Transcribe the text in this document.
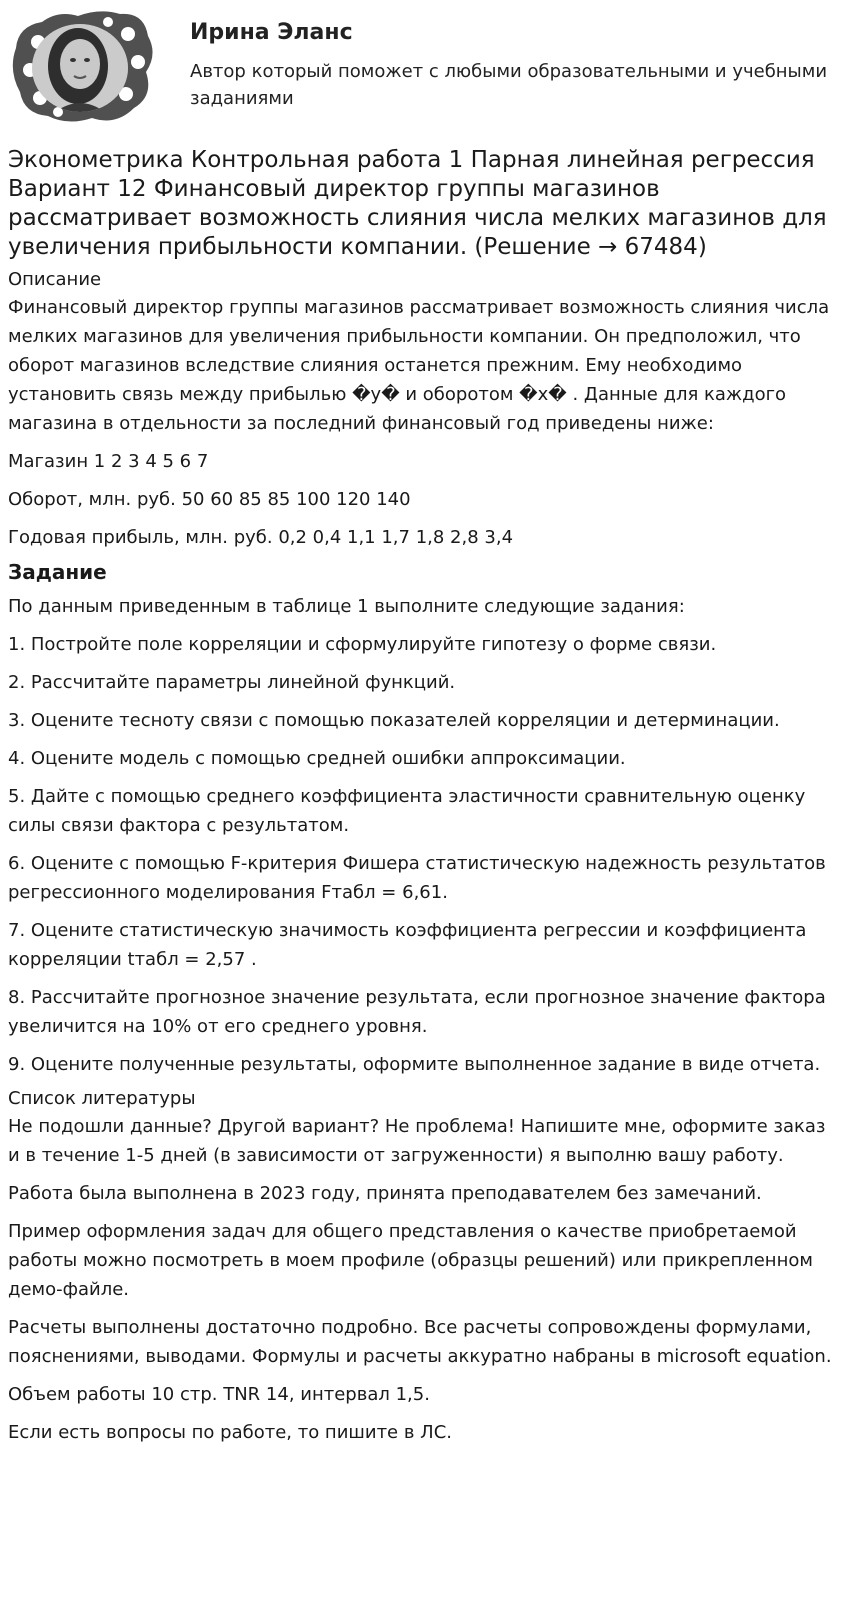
Ирина Эланс
Автор который поможет с любыми образовательными и учебными заданиями
Эконометрика Контрольная работа 1 Парная линейная регрессия Вариант 12 Финансовый директор группы магазинов рассматривает возможность слияния числа мелких магазинов для увеличения прибыльности компании. (Решение → 67484)
Описание

Финансовый директор группы магазинов рассматривает возможность слияния числа мелких магазинов для увеличения прибыльности компании. Он предположил, что оборот магазинов вследствие слияния останется прежним. Ему необходимо установить связь между прибылью �y� и оборотом �x� . Данные для каждого магазина в отдельности за последний финансовый год приведены ниже:

Магазин 1 2 3 4 5 6 7

Оборот, млн. руб. 50 60 85 85 100 120 140

Годовая прибыль, млн. руб. 0,2 0,4 1,1 1,7 1,8 2,8 3,4

Задание

По данным приведенным в таблице 1 выполните следующие задания:

1. Постройте поле корреляции и сформулируйте гипотезу о форме связи.

2. Рассчитайте параметры линейной функций.

3. Оцените тесноту связи с помощью показателей корреляции и детерминации.

4. Оцените модель с помощью средней ошибки аппроксимации.

5. Дайте с помощью среднего коэффициента эластичности сравнительную оценку силы связи фактора с результатом.

6. Оцените с помощью F-критерия Фишера статистическую надежность результатов регрессионного моделирования Fтабл = 6,61.

7. Оцените статистическую значимость коэффициента регрессии и коэффициента корреляции tтабл = 2,57 .

8. Рассчитайте прогнозное значение результата, если прогнозное значение фактора увеличится на 10% от его среднего уровня.

9. Оцените полученные результаты, оформите выполненное задание в виде отчета.

Список литературы

Не подошли данные? Другой вариант? Не проблема! Напишите мне, оформите заказ и в течение 1-5 дней (в зависимости от загруженности) я выполню вашу работу.

Работа была выполнена в 2023 году, принята преподавателем без замечаний.

Пример оформления задач для общего представления о качестве приобретаемой работы можно посмотреть в моем профиле (образцы решений) или прикрепленном демо-файле.

Расчеты выполнены достаточно подробно. Все расчеты сопровождены формулами, пояснениями, выводами. Формулы и расчеты аккуратно набраны в microsoft equation.

Объем работы 10 стр. TNR 14, интервал 1,5.

Если есть вопросы по работе, то пишите в ЛС.
